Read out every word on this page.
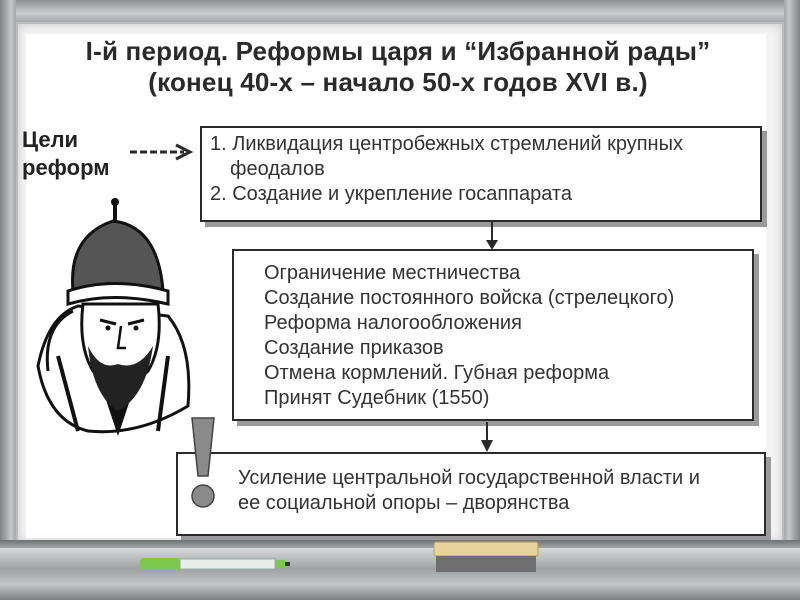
I-й период. Реформы царя и “Избранной рады”
(конец 40-х – начало 50-х годов XVI в.)
Цели
реформ
1. Ликвидация центробежных стремлений крупных
феодалов
2. Создание и укрепление госаппарата
Ограничение местничества
Создание постоянного войска (стрелецкого)
Реформа налогообложения
Создание приказов
Отмена кормлений. Губная реформа
Принят Судебник (1550)
Усиление центральной государственной власти и
ее социальной опоры – дворянства
